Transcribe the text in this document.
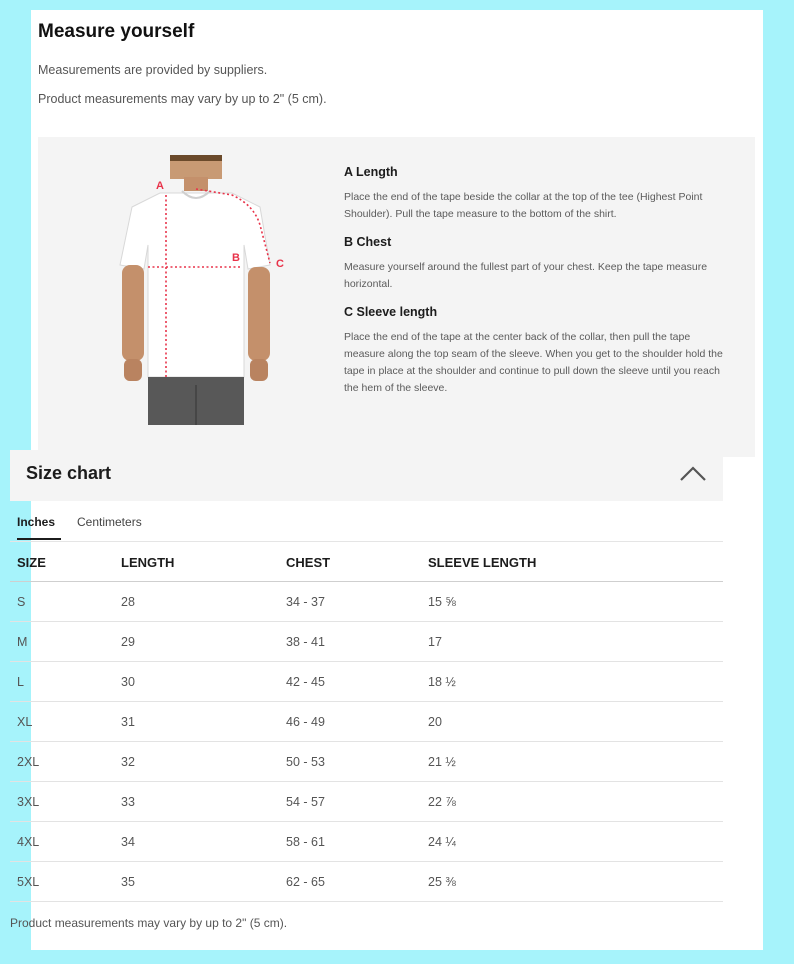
Measure yourself
Measurements are provided by suppliers.
Product measurements may vary by up to 2" (5 cm).
A
B	C
A Length
Place the end of the tape beside the collar at the top of the tee (Highest Point Shoulder). Pull the tape measure to the bottom of the shirt.
B Chest
Measure yourself around the fullest part of your chest. Keep the tape measure horizontal.
C Sleeve length
Place the end of the tape at the center back of the collar, then pull the tape measure along the top seam of the sleeve. When you get to the shoulder hold the tape in place at the shoulder and continue to pull down the sleeve until you reach the hem of the sleeve.
Size chart
Inches	Centimeters
SIZE	LENGTH	CHEST	SLEEVE LENGTH
S	28	34 - 37	15 ⅝
M	29	38 - 41	17
L	30	42 - 45	18 ½
XL	31	46 - 49	20
2XL	32	50 - 53	21 ½
3XL	33	54 - 57	22 ⅞
4XL	34	58 - 61	24 ¼
5XL	35	62 - 65	25 ⅜
Product measurements may vary by up to 2" (5 cm).
